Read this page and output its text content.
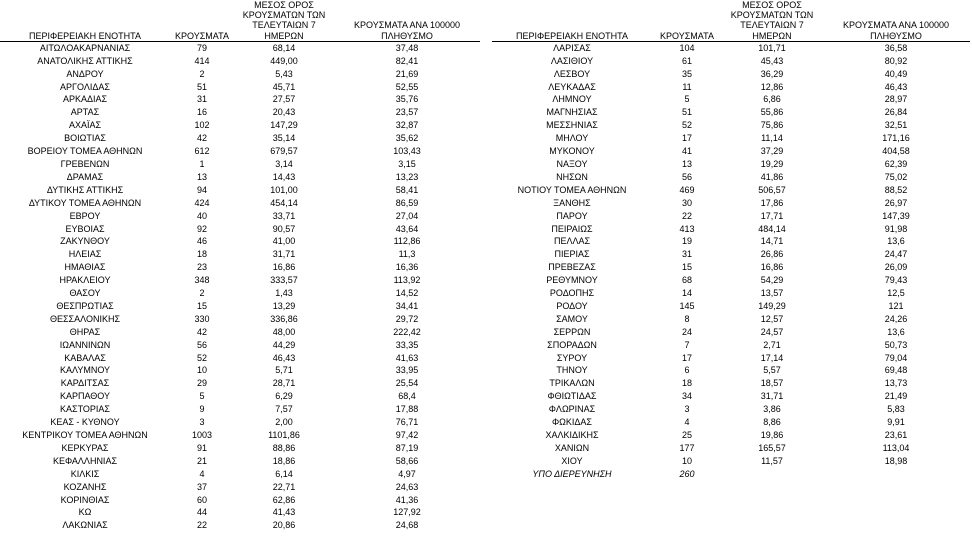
ΠΕΡΙΦΕΡΕΙΑΚΗ ΕΝΟΤΗΤΑ	ΚΡΟΥΣΜΑΤΑ	ΜΕΣΟΣ ΟΡΟΣ ΚΡΟΥΣΜΑΤΩΝ ΤΩΝ ΤΕΛΕΥΤΑΙΩΝ 7 ΗΜΕΡΩΝ	ΚΡΟΥΣΜΑΤΑ ΑΝΑ 100000 ΠΛΗΘΥΣΜΟ
ΑΙΤΩΛΟΑΚΑΡΝΑΝΙΑΣ	79	68,14	37,48
ΑΝΑΤΟΛΙΚΗΣ ΑΤΤΙΚΗΣ	414	449,00	82,41
ΑΝΔΡΟΥ	2	5,43	21,69
ΑΡΓΟΛΙΔΑΣ	51	45,71	52,55
ΑΡΚΑΔΙΑΣ	31	27,57	35,76
ΑΡΤΑΣ	16	20,43	23,57
ΑΧΑΪΑΣ	102	147,29	32,87
ΒΟΙΩΤΙΑΣ	42	35,14	35,62
ΒΟΡΕΙΟΥ ΤΟΜΕΑ ΑΘΗΝΩΝ	612	679,57	103,43
ΓΡΕΒΕΝΩΝ	1	3,14	3,15
ΔΡΑΜΑΣ	13	14,43	13,23
ΔΥΤΙΚΗΣ ΑΤΤΙΚΗΣ	94	101,00	58,41
ΔΥΤΙΚΟΥ ΤΟΜΕΑ ΑΘΗΝΩΝ	424	454,14	86,59
ΕΒΡΟΥ	40	33,71	27,04
ΕΥΒΟΙΑΣ	92	90,57	43,64
ΖΑΚΥΝΘΟΥ	46	41,00	112,86
ΗΛΕΙΑΣ	18	31,71	11,3
ΗΜΑΘΙΑΣ	23	16,86	16,36
ΗΡΑΚΛΕΙΟΥ	348	333,57	113,92
ΘΑΣΟΥ	2	1,43	14,52
ΘΕΣΠΡΩΤΙΑΣ	15	13,29	34,41
ΘΕΣΣΑΛΟΝΙΚΗΣ	330	336,86	29,72
ΘΗΡΑΣ	42	48,00	222,42
ΙΩΑΝΝΙΝΩΝ	56	44,29	33,35
ΚΑΒΑΛΑΣ	52	46,43	41,63
ΚΑΛΥΜΝΟΥ	10	5,71	33,95
ΚΑΡΔΙΤΣΑΣ	29	28,71	25,54
ΚΑΡΠΑΘΟΥ	5	6,29	68,4
ΚΑΣΤΟΡΙΑΣ	9	7,57	17,88
ΚΕΑΣ - ΚΥΘΝΟΥ	3	2,00	76,71
ΚΕΝΤΡΙΚΟΥ ΤΟΜΕΑ ΑΘΗΝΩΝ	1003	1101,86	97,42
ΚΕΡΚΥΡΑΣ	91	88,86	87,19
ΚΕΦΑΛΛΗΝΙΑΣ	21	18,86	58,66
ΚΙΛΚΙΣ	4	6,14	4,97
ΚΟΖΑΝΗΣ	37	22,71	24,63
ΚΟΡΙΝΘΙΑΣ	60	62,86	41,36
ΚΩ	44	41,43	127,92
ΛΑΚΩΝΙΑΣ	22	20,86	24,68
ΠΕΡΙΦΕΡΕΙΑΚΗ ΕΝΟΤΗΤΑ	ΚΡΟΥΣΜΑΤΑ	ΜΕΣΟΣ ΟΡΟΣ ΚΡΟΥΣΜΑΤΩΝ ΤΩΝ ΤΕΛΕΥΤΑΙΩΝ 7 ΗΜΕΡΩΝ	ΚΡΟΥΣΜΑΤΑ ΑΝΑ 100000 ΠΛΗΘΥΣΜΟ
ΛΑΡΙΣΑΣ	104	101,71	36,58
ΛΑΣΙΘΙΟΥ	61	45,43	80,92
ΛΕΣΒΟΥ	35	36,29	40,49
ΛΕΥΚΑΔΑΣ	11	12,86	46,43
ΛΗΜΝΟΥ	5	6,86	28,97
ΜΑΓΝΗΣΙΑΣ	51	55,86	26,84
ΜΕΣΣΗΝΙΑΣ	52	75,86	32,51
ΜΗΛΟΥ	17	11,14	171,16
ΜΥΚΟΝΟΥ	41	37,29	404,58
ΝΑΞΟΥ	13	19,29	62,39
ΝΗΣΩΝ	56	41,86	75,02
ΝΟΤΙΟΥ ΤΟΜΕΑ ΑΘΗΝΩΝ	469	506,57	88,52
ΞΑΝΘΗΣ	30	17,86	26,97
ΠΑΡΟΥ	22	17,71	147,39
ΠΕΙΡΑΙΩΣ	413	484,14	91,98
ΠΕΛΛΑΣ	19	14,71	13,6
ΠΙΕΡΙΑΣ	31	26,86	24,47
ΠΡΕΒΕΖΑΣ	15	16,86	26,09
ΡΕΘΥΜΝΟΥ	68	54,29	79,43
ΡΟΔΟΠΗΣ	14	13,57	12,5
ΡΟΔΟΥ	145	149,29	121
ΣΑΜΟΥ	8	12,57	24,26
ΣΕΡΡΩΝ	24	24,57	13,6
ΣΠΟΡΑΔΩΝ	7	2,71	50,73
ΣΥΡΟΥ	17	17,14	79,04
ΤΗΝΟΥ	6	5,57	69,48
ΤΡΙΚΑΛΩΝ	18	18,57	13,73
ΦΘΙΩΤΙΔΑΣ	34	31,71	21,49
ΦΛΩΡΙΝΑΣ	3	3,86	5,83
ΦΩΚΙΔΑΣ	4	8,86	9,91
ΧΑΛΚΙΔΙΚΗΣ	25	19,86	23,61
ΧΑΝΙΩΝ	177	165,57	113,04
ΧΙΟΥ	10	11,57	18,98
ΥΠΟ ΔΙΕΡΕΥΝΗΣΗ	260		
